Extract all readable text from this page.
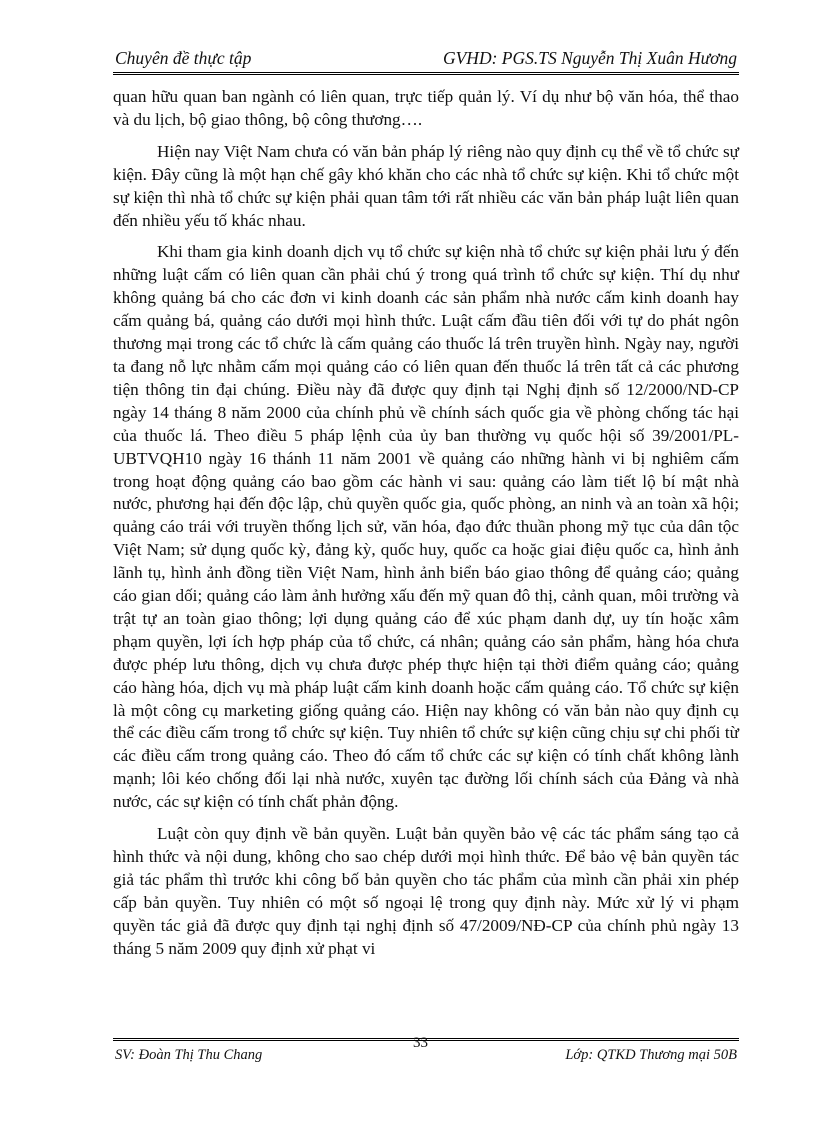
Chuyên đề thực tập	GVHD: PGS.TS Nguyễn Thị Xuân Hương

quan hữu quan ban ngành có liên quan, trực tiếp quản lý. Ví dụ như bộ văn hóa, thể thao và du lịch, bộ giao thông, bộ công thương….

Hiện nay Việt Nam chưa có văn bản pháp lý riêng nào quy định cụ thể về tổ chức sự kiện. Đây cũng là một hạn chế gây khó khăn cho các nhà tổ chức sự kiện. Khi tổ chức một sự kiện thì nhà tổ chức sự kiện phải quan tâm tới rất nhiều các văn bản pháp luật liên quan đến nhiều yếu tố khác nhau.

Khi tham gia kinh doanh dịch vụ tổ chức sự kiện nhà tổ chức sự kiện phải lưu ý đến những luật cấm có liên quan cần phải chú ý trong quá trình tổ chức sự kiện. Thí dụ như không quảng bá cho các đơn vi kinh doanh các sản phẩm nhà nước cấm kinh doanh hay cấm quảng bá, quảng cáo dưới mọi hình thức. Luật cấm đầu tiên đối với tự do phát ngôn thương mại trong các tổ chức là cấm quảng cáo thuốc lá trên truyền hình. Ngày nay, người ta đang nỗ lực nhằm cấm mọi quảng cáo có liên quan đến thuốc lá trên tất cả các phương tiện thông tin đại chúng. Điều này đã được quy định tại Nghị định số 12/2000/ND-CP ngày 14 tháng 8 năm 2000 của chính phủ về chính sách quốc gia về phòng chống tác hại của thuốc lá. Theo điều 5 pháp lệnh của ủy ban thường vụ quốc hội số 39/2001/PL- UBTVQH10 ngày 16 thánh 11 năm 2001 về quảng cáo những hành vi bị nghiêm cấm trong hoạt động quảng cáo bao gồm các hành vi sau: quảng cáo làm tiết lộ bí mật nhà nước, phương hại đến độc lập, chủ quyền quốc gia, quốc phòng, an ninh và an toàn xã hội; quảng cáo trái với truyền thống lịch sử, văn hóa, đạo đức thuần phong mỹ tục của dân tộc Việt Nam; sử dụng quốc kỳ, đảng kỳ, quốc huy, quốc ca hoặc giai điệu quốc ca, hình ảnh lãnh tụ, hình ảnh đồng tiền Việt Nam, hình ảnh biển báo giao thông để quảng cáo; quảng cáo gian dối; quảng cáo làm ảnh hưởng xấu đến mỹ quan đô thị, cảnh quan, môi trường và trật tự an toàn giao thông; lợi dụng quảng cáo để xúc phạm danh dự, uy tín hoặc xâm phạm quyền, lợi ích hợp pháp của tổ chức, cá nhân; quảng cáo sản phẩm, hàng hóa chưa được phép lưu thông, dịch vụ chưa được phép thực hiện tại thời điểm quảng cáo; quảng cáo hàng hóa, dịch vụ mà pháp luật cấm kinh doanh hoặc cấm quảng cáo. Tổ chức sự kiện là một công cụ marketing giống quảng cáo. Hiện nay không có văn bản nào quy định cụ thể các điều cấm trong tổ chức sự kiện. Tuy nhiên tổ chức sự kiện cũng chịu sự chi phối từ các điều cấm trong quảng cáo. Theo đó cấm tổ chức các sự kiện có tính chất không lành mạnh; lôi kéo chống đối lại nhà nước, xuyên tạc đường lối chính sách của Đảng và nhà nước, các sự kiện có tính chất phản động.

Luật còn quy định về bản quyền. Luật bản quyền bảo vệ các tác phẩm sáng tạo cả hình thức và nội dung, không cho sao chép dưới mọi hình thức. Để bảo vệ bản quyền tác giả tác phẩm thì trước khi công bố bản quyền cho tác phẩm của mình cần phải xin phép cấp bản quyền. Tuy nhiên có một số ngoại lệ trong quy định này. Mức xử lý vi phạm quyền tác giả đã được quy định tại nghị định số 47/2009/NĐ-CP của chính phủ ngày 13 tháng 5 năm 2009 quy định xử phạt vi

SV: Đoàn Thị Thu Chang
33
Lớp: QTKD Thương mại 50B
